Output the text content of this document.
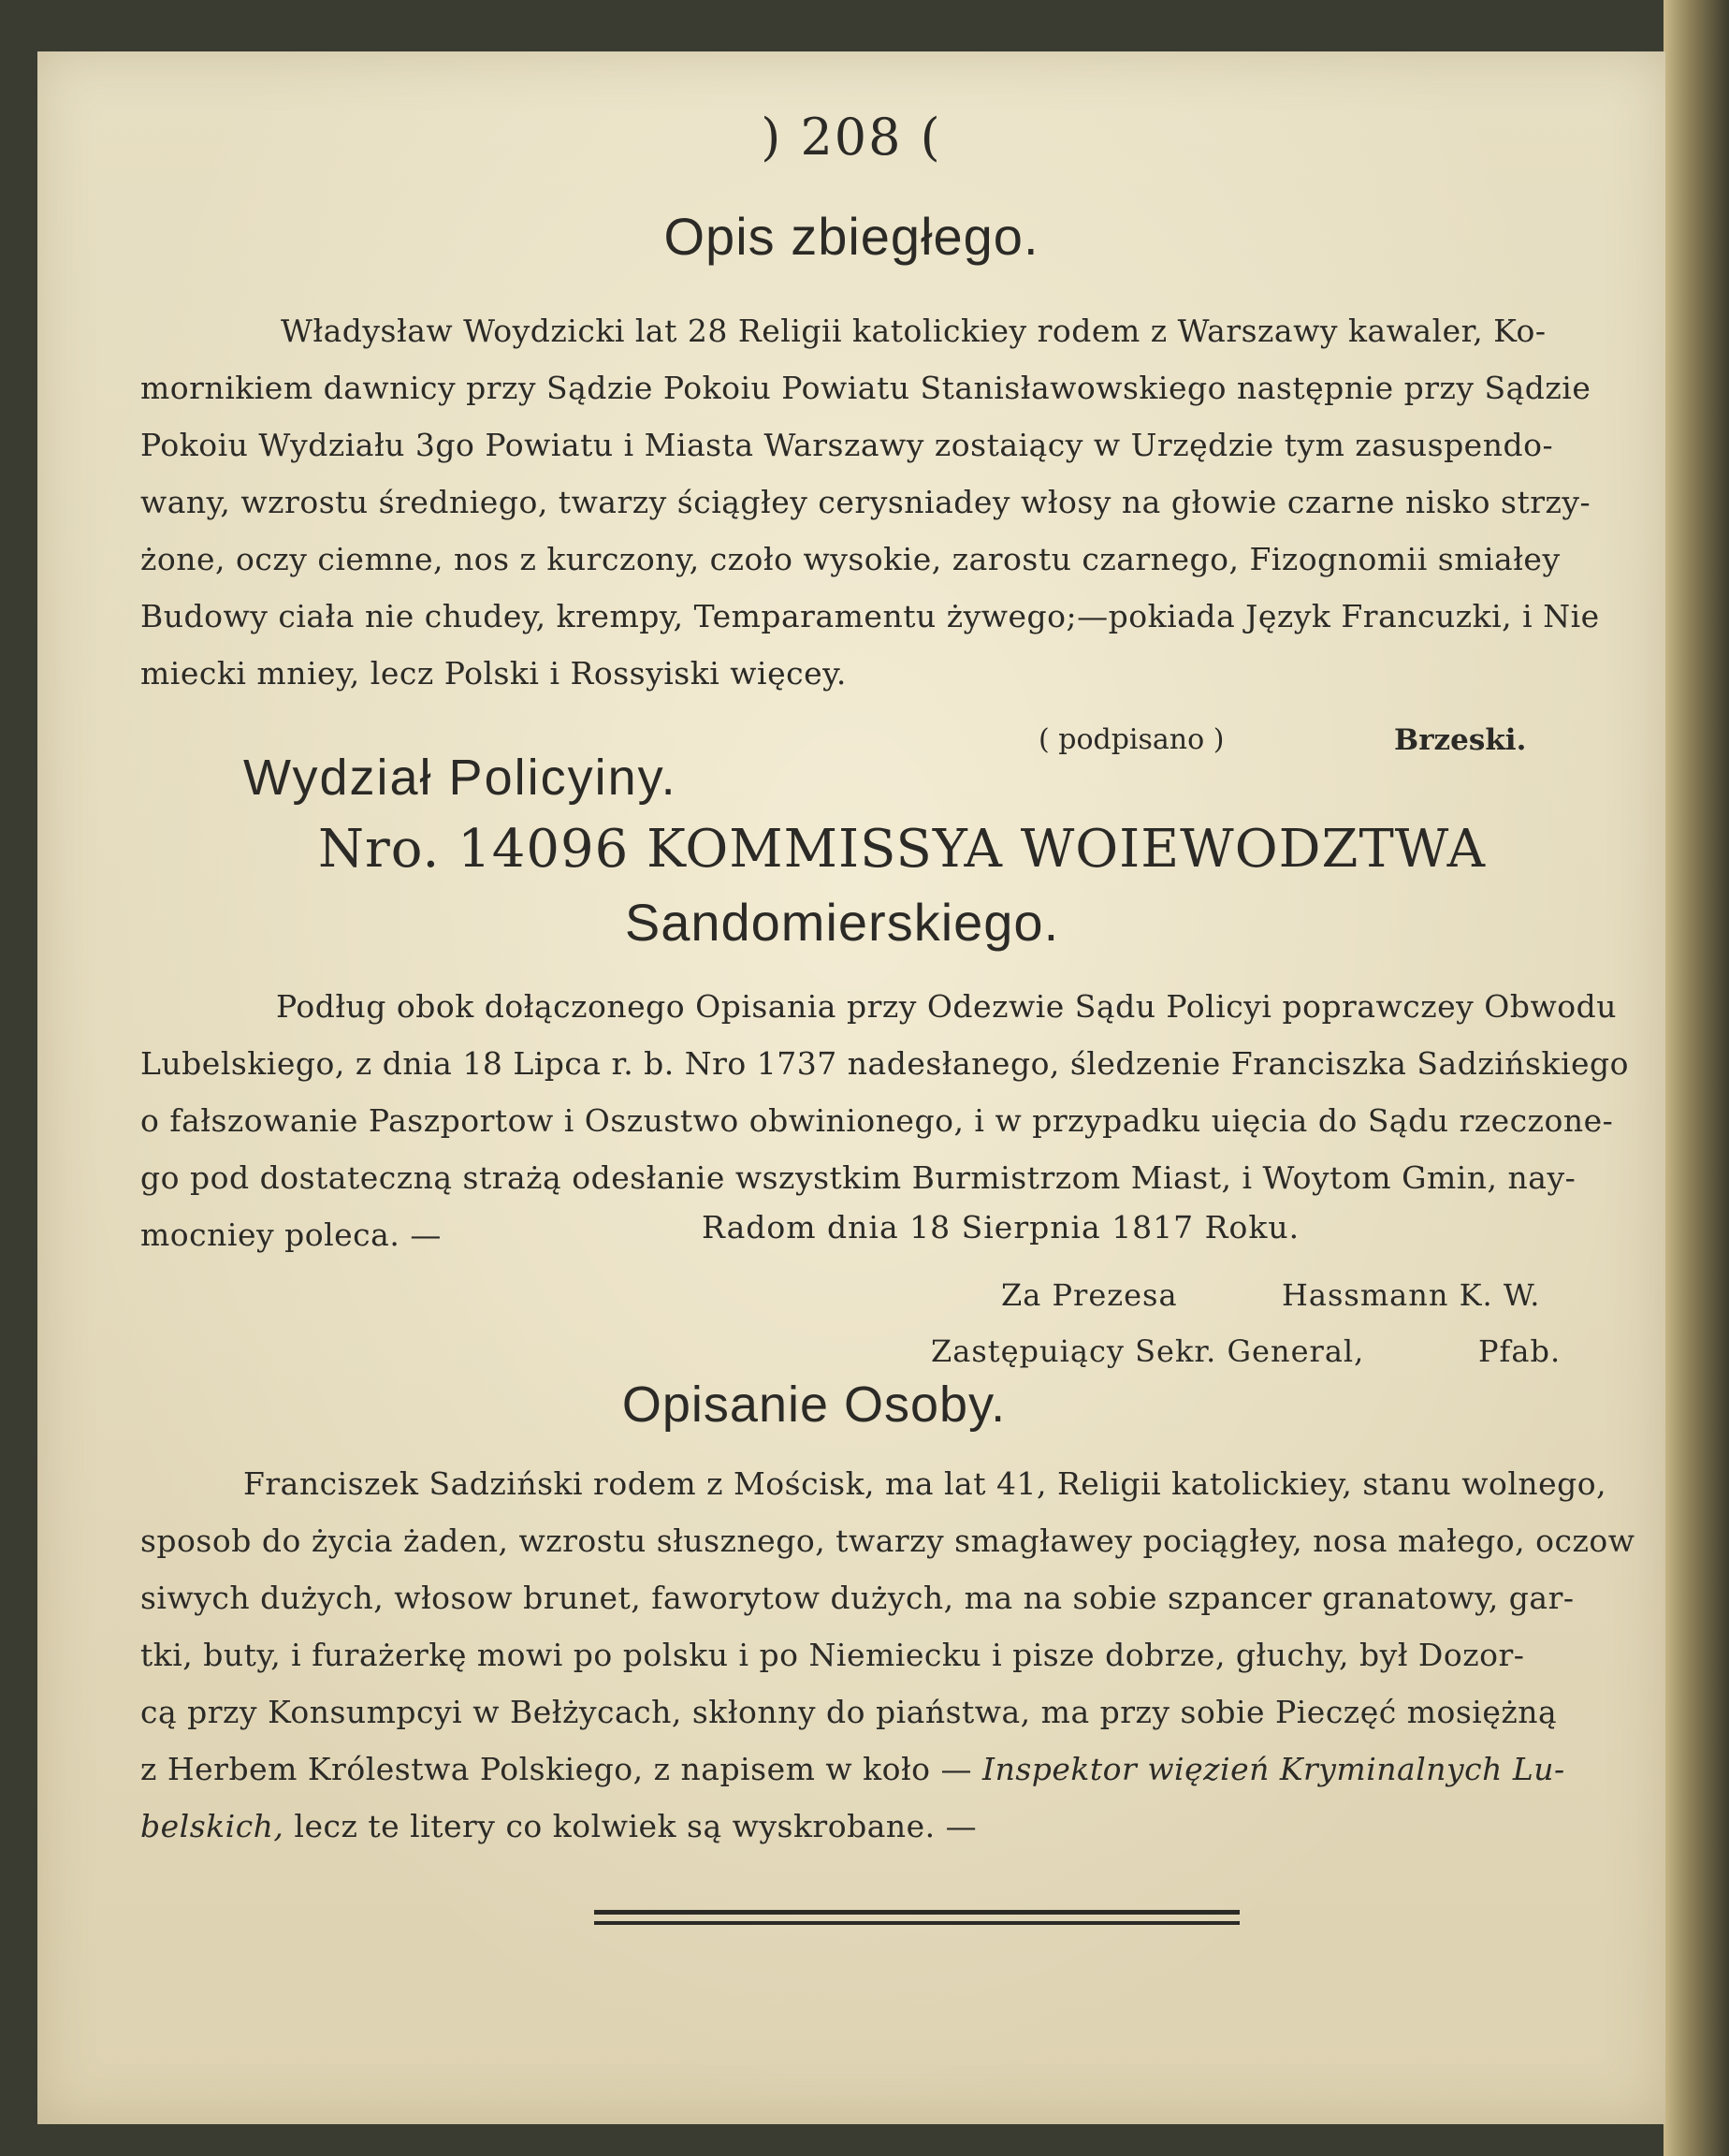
) 208 (
Opis zbiegłego.
Władysław Woydzicki lat 28 Religii katolickiey rodem z Warszawy kawaler, Ko-
mornikiem dawnicy przy Sądzie Pokoiu Powiatu Stanisławowskiego następnie przy Sądzie
Pokoiu Wydziału 3go Powiatu i Miasta Warszawy zostaiący w Urzędzie tym zasuspendo-
wany, wzrostu średniego, twarzy ściągłey cerysniadey włosy na głowie czarne nisko strzy-
żone, oczy ciemne, nos z kurczony, czoło wysokie, zarostu czarnego, Fizognomii smiałey
Budowy ciała nie chudey, krempy, Temparamentu żywego;—pokiada Język Francuzki, i Nie
miecki mniey, lecz Polski i Rossyiski więcey.
( podpisano )	Brzeski.
Wydział Policyiny.
Nro. 14096 KOMMISSYA WOIEWODZTWA
Sandomierskiego.
Podług obok dołączonego Opisania przy Odezwie Sądu Policyi poprawczey Obwodu
Lubelskiego, z dnia 18 Lipca r. b. Nro 1737 nadesłanego, śledzenie Franciszka Sadzińskiego
o fałszowanie Paszportow i Oszustwo obwinionego, i w przypadku uięcia do Sądu rzeczone-
go pod dostateczną strażą odesłanie wszystkim Burmistrzom Miast, i Woytom Gmin, nay-
mocniey poleca. —	Radom dnia 18 Sierpnia 1817 Roku.
Za Prezesa	Hassmann K. W.
Zastępuiący Sekr. General,	Pfab.
Opisanie Osoby.
Franciszek Sadziński rodem z Mościsk, ma lat 41, Religii katolickiey, stanu wolnego,
sposob do życia żaden, wzrostu słusznego, twarzy smagławey pociągłey, nosa małego, oczow
siwych dużych, włosow brunet, faworytow dużych, ma na sobie szpancer granatowy, gar-
tki, buty, i furażerkę mowi po polsku i po Niemiecku i pisze dobrze, głuchy, był Dozor-
cą przy Konsumpcyi w Bełżycach, skłonny do piaństwa, ma przy sobie Pieczęć mosiężną
z Herbem Królestwa Polskiego, z napisem w koło — Inspektor więzień Kryminalnych Lu-
belskich, lecz te litery co kolwiek są wyskrobane. —
